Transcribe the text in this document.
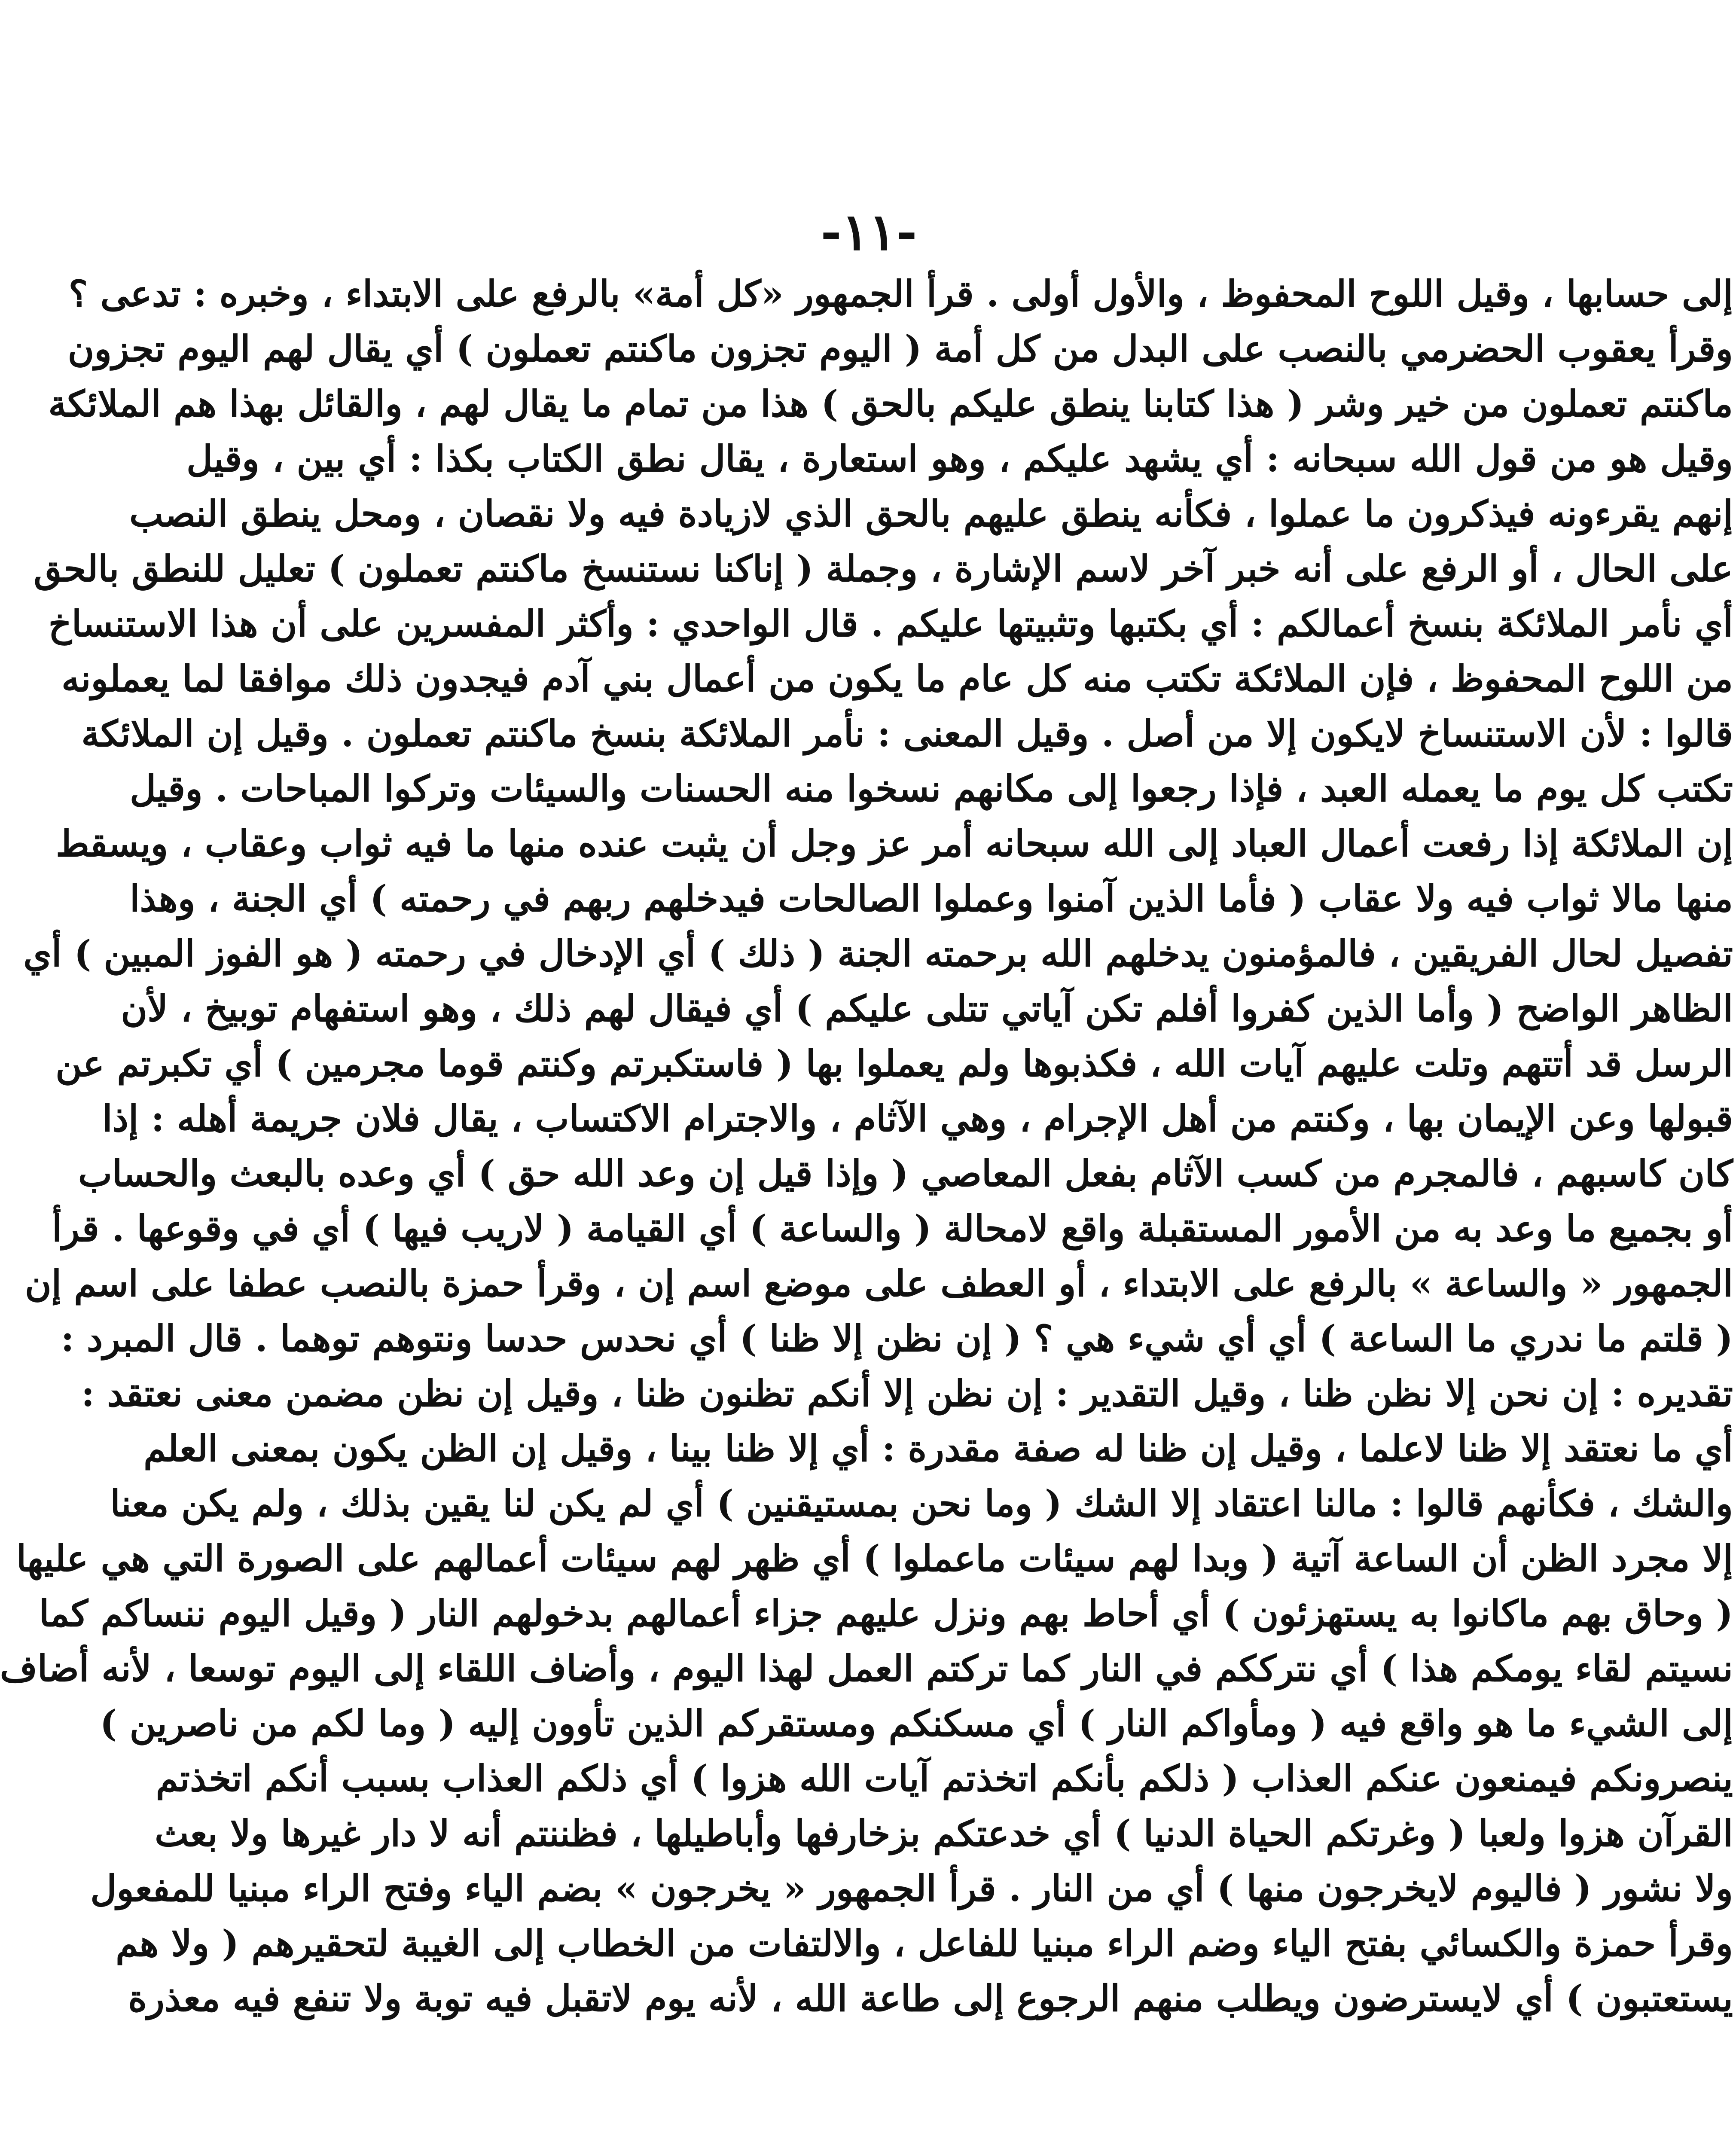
-١١-
إلى حسابها ، وقيل اللوح المحفوظ ، والأول أولى . قرأ الجمهور «كل أمة» بالرفع على الابتداء ، وخبره : تدعى ؟
وقرأ يعقوب الحضرمي بالنصب على البدل من كل أمة ( اليوم تجزون ماكنتم تعملون ) أي يقال لهم اليوم تجزون
ماكنتم تعملون من خير وشر ( هذا كتابنا ينطق عليكم بالحق ) هذا من تمام ما يقال لهم ، والقائل بهذا هم الملائكة
وقيل هو من قول الله سبحانه : أي يشهد عليكم ، وهو استعارة ، يقال نطق الكتاب بكذا : أي بين ، وقيل
إنهم يقرءونه فيذكرون ما عملوا ، فكأنه ينطق عليهم بالحق الذي لازيادة فيه ولا نقصان ، ومحل ينطق النصب
على الحال ، أو الرفع على أنه خبر آخر لاسم الإشارة ، وجملة ( إناكنا نستنسخ ماكنتم تعملون ) تعليل للنطق بالحق
أي نأمر الملائكة بنسخ أعمالكم : أي بكتبها وتثبيتها عليكم . قال الواحدي : وأكثر المفسرين على أن هذا الاستنساخ
من اللوح المحفوظ ، فإن الملائكة تكتب منه كل عام ما يكون من أعمال بني آدم فيجدون ذلك موافقا لما يعملونه
قالوا : لأن الاستنساخ لايكون إلا من أصل . وقيل المعنى : نأمر الملائكة بنسخ ماكنتم تعملون . وقيل إن الملائكة
تكتب كل يوم ما يعمله العبد ، فإذا رجعوا إلى مكانهم نسخوا منه الحسنات والسيئات وتركوا المباحات . وقيل
إن الملائكة إذا رفعت أعمال العباد إلى الله سبحانه أمر عز وجل أن يثبت عنده منها ما فيه ثواب وعقاب ، ويسقط
منها مالا ثواب فيه ولا عقاب ( فأما الذين آمنوا وعملوا الصالحات فيدخلهم ربهم في رحمته ) أي الجنة ، وهذا
تفصيل لحال الفريقين ، فالمؤمنون يدخلهم الله برحمته الجنة ( ذلك ) أي الإدخال في رحمته ( هو الفوز المبين ) أي
الظاهر الواضح ( وأما الذين كفروا أفلم تكن آياتي تتلى عليكم ) أي فيقال لهم ذلك ، وهو استفهام توبيخ ، لأن
الرسل قد أتتهم وتلت عليهم آيات الله ، فكذبوها ولم يعملوا بها ( فاستكبرتم وكنتم قوما مجرمين ) أي تكبرتم عن
قبولها وعن الإيمان بها ، وكنتم من أهل الإجرام ، وهي الآثام ، والاجترام الاكتساب ، يقال فلان جريمة أهله : إذا
كان كاسبهم ، فالمجرم من كسب الآثام بفعل المعاصي ( وإذا قيل إن وعد الله حق ) أي وعده بالبعث والحساب
أو بجميع ما وعد به من الأمور المستقبلة واقع لامحالة ( والساعة ) أي القيامة ( لاريب فيها ) أي في وقوعها . قرأ
الجمهور « والساعة » بالرفع على الابتداء ، أو العطف على موضع اسم إن ، وقرأ حمزة بالنصب عطفا على اسم إن
( قلتم ما ندري ما الساعة ) أي أي شيء هي ؟ ( إن نظن إلا ظنا ) أي نحدس حدسا ونتوهم توهما . قال المبرد :
تقديره : إن نحن إلا نظن ظنا ، وقيل التقدير : إن نظن إلا أنكم تظنون ظنا ، وقيل إن نظن مضمن معنى نعتقد :
أي ما نعتقد إلا ظنا لاعلما ، وقيل إن ظنا له صفة مقدرة : أي إلا ظنا بينا ، وقيل إن الظن يكون بمعنى العلم
والشك ، فكأنهم قالوا : مالنا اعتقاد إلا الشك ( وما نحن بمستيقنين ) أي لم يكن لنا يقين بذلك ، ولم يكن معنا
إلا مجرد الظن أن الساعة آتية ( وبدا لهم سيئات ماعملوا ) أي ظهر لهم سيئات أعمالهم على الصورة التي هي عليها
( وحاق بهم ماكانوا به يستهزئون ) أي أحاط بهم ونزل عليهم جزاء أعمالهم بدخولهم النار ( وقيل اليوم ننساكم كما
نسيتم لقاء يومكم هذا ) أي نترككم في النار كما تركتم العمل لهذا اليوم ، وأضاف اللقاء إلى اليوم توسعا ، لأنه أضاف
إلى الشيء ما هو واقع فيه ( ومأواكم النار ) أي مسكنكم ومستقركم الذين تأوون إليه ( وما لكم من ناصرين )
ينصرونكم فيمنعون عنكم العذاب ( ذلكم بأنكم اتخذتم آيات الله هزوا ) أي ذلكم العذاب بسبب أنكم اتخذتم
القرآن هزوا ولعبا ( وغرتكم الحياة الدنيا ) أي خدعتكم بزخارفها وأباطيلها ، فظننتم أنه لا دار غيرها ولا بعث
ولا نشور ( فاليوم لايخرجون منها ) أي من النار . قرأ الجمهور « يخرجون » بضم الياء وفتح الراء مبنيا للمفعول
وقرأ حمزة والكسائي بفتح الياء وضم الراء مبنيا للفاعل ، والالتفات من الخطاب إلى الغيبة لتحقيرهم ( ولا هم
يستعتبون ) أي لايسترضون ويطلب منهم الرجوع إلى طاعة الله ، لأنه يوم لاتقبل فيه توبة ولا تنفع فيه معذرة
